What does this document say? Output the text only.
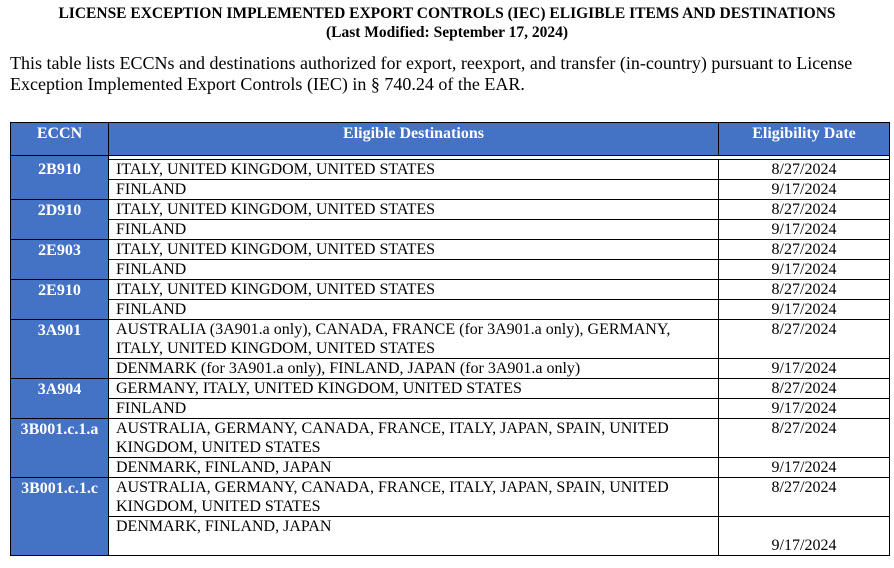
LICENSE EXCEPTION IMPLEMENTED EXPORT CONTROLS (IEC) ELIGIBLE ITEMS AND DESTINATIONS
(Last Modified: September 17, 2024)
This table lists ECCNs and destinations authorized for export, reexport, and transfer (in-country) pursuant to License Exception Implemented Export Controls (IEC) in § 740.24 of the EAR.
ECCN	Eligible Destinations	Eligibility Date

2B910	ITALY, UNITED KINGDOM, UNITED STATES	8/27/2024
	FINLAND	9/17/2024
2D910	ITALY, UNITED KINGDOM, UNITED STATES	8/27/2024
	FINLAND	9/17/2024
2E903	ITALY, UNITED KINGDOM, UNITED STATES	8/27/2024
	FINLAND	9/17/2024
2E910	ITALY, UNITED KINGDOM, UNITED STATES	8/27/2024
	FINLAND	9/17/2024
3A901	AUSTRALIA (3A901.a only), CANADA, FRANCE (for 3A901.a only), GERMANY, ITALY, UNITED KINGDOM, UNITED STATES	8/27/2024
	DENMARK (for 3A901.a only), FINLAND, JAPAN (for 3A901.a only)	9/17/2024
3A904	GERMANY, ITALY, UNITED KINGDOM, UNITED STATES	8/27/2024
	FINLAND	9/17/2024
3B001.c.1.a	AUSTRALIA, GERMANY, CANADA, FRANCE, ITALY, JAPAN, SPAIN, UNITED KINGDOM, UNITED STATES	8/27/2024
	DENMARK, FINLAND, JAPAN	9/17/2024
3B001.c.1.c	AUSTRALIA, GERMANY, CANADA, FRANCE, ITALY, JAPAN, SPAIN, UNITED KINGDOM, UNITED STATES	8/27/2024
	DENMARK, FINLAND, JAPAN	9/17/2024
